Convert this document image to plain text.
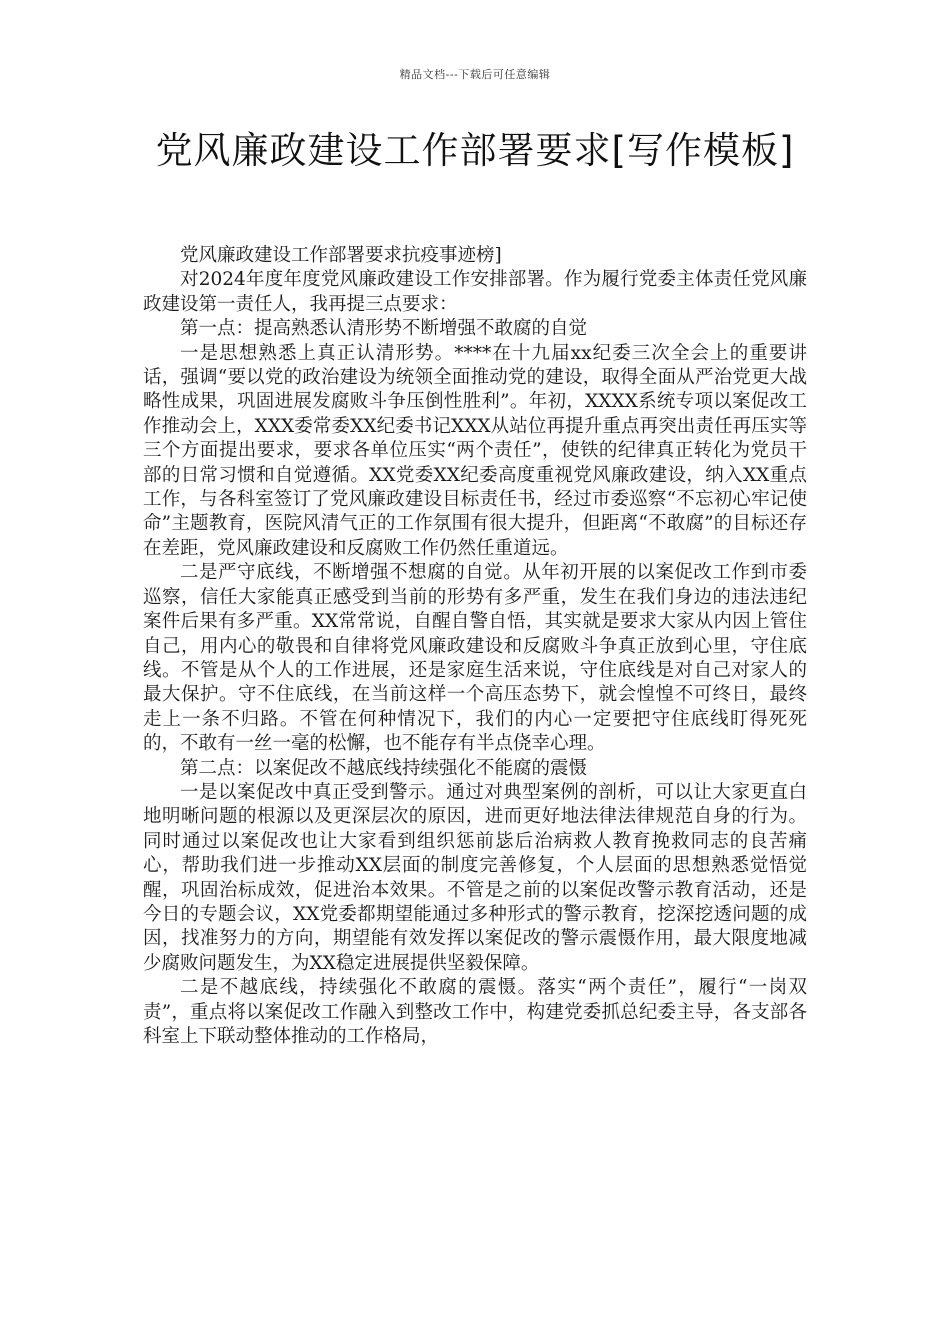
精品文档---下载后可任意编辑
党风廉政建设工作部署要求[写作模板]

党风廉政建设工作部署要求抗疫事迹榜]

对2024年度年度党风廉政建设工作安排部署。作为履行党委主体责任党风廉政建设第一责任人，我再提三点要求：

第一点：提高熟悉认清形势不断增强不敢腐的自觉

一是思想熟悉上真正认清形势。****在十九届xx纪委三次全会上的重要讲话，强调“要以党的政治建设为统领全面推动党的建设，取得全面从严治党更大战略性成果，巩固进展发腐败斗争压倒性胜利”。年初，XXXX系统专项以案促改工作推动会上，XXX委常委XX纪委书记XXX从站位再提升重点再突出责任再压实等三个方面提出要求，要求各单位压实“两个责任”，使铁的纪律真正转化为党员干部的日常习惯和自觉遵循。XX党委XX纪委高度重视党风廉政建设，纳入XX重点工作，与各科室签订了党风廉政建设目标责任书，经过市委巡察“不忘初心牢记使命”主题教育，医院风清气正的工作氛围有很大提升，但距离“不敢腐”的目标还存在差距，党风廉政建设和反腐败工作仍然任重道远。

二是严守底线，不断增强不想腐的自觉。从年初开展的以案促改工作到市委巡察，信任大家能真正感受到当前的形势有多严重，发生在我们身边的违法违纪案件后果有多严重。XX常常说，自醒自警自悟，其实就是要求大家从内因上管住自己，用内心的敬畏和自律将党风廉政建设和反腐败斗争真正放到心里，守住底线。不管是从个人的工作进展，还是家庭生活来说，守住底线是对自己对家人的最大保护。守不住底线，在当前这样一个高压态势下，就会惶惶不可终日，最终走上一条不归路。不管在何种情况下，我们的内心一定要把守住底线盯得死死的，不敢有一丝一毫的松懈，也不能存有半点侥幸心理。

第二点：以案促改不越底线持续强化不能腐的震慑

一是以案促改中真正受到警示。通过对典型案例的剖析，可以让大家更直白地明晰问题的根源以及更深层次的原因，进而更好地法律法律规范自身的行为。同时通过以案促改也让大家看到组织惩前毖后治病救人教育挽救同志的良苦痛心，帮助我们进一步推动XX层面的制度完善修复，个人层面的思想熟悉觉悟觉醒，巩固治标成效，促进治本效果。不管是之前的以案促改警示教育活动，还是今日的专题会议，XX党委都期望能通过多种形式的警示教育，挖深挖透问题的成因，找准努力的方向，期望能有效发挥以案促改的警示震慑作用，最大限度地减少腐败问题发生，为XX稳定进展提供坚毅保障。

二是不越底线，持续强化不敢腐的震慑。落实“两个责任”，履行“一岗双责”，重点将以案促改工作融入到整改工作中，构建党委抓总纪委主导，各支部各科室上下联动整体推动的工作格局，
